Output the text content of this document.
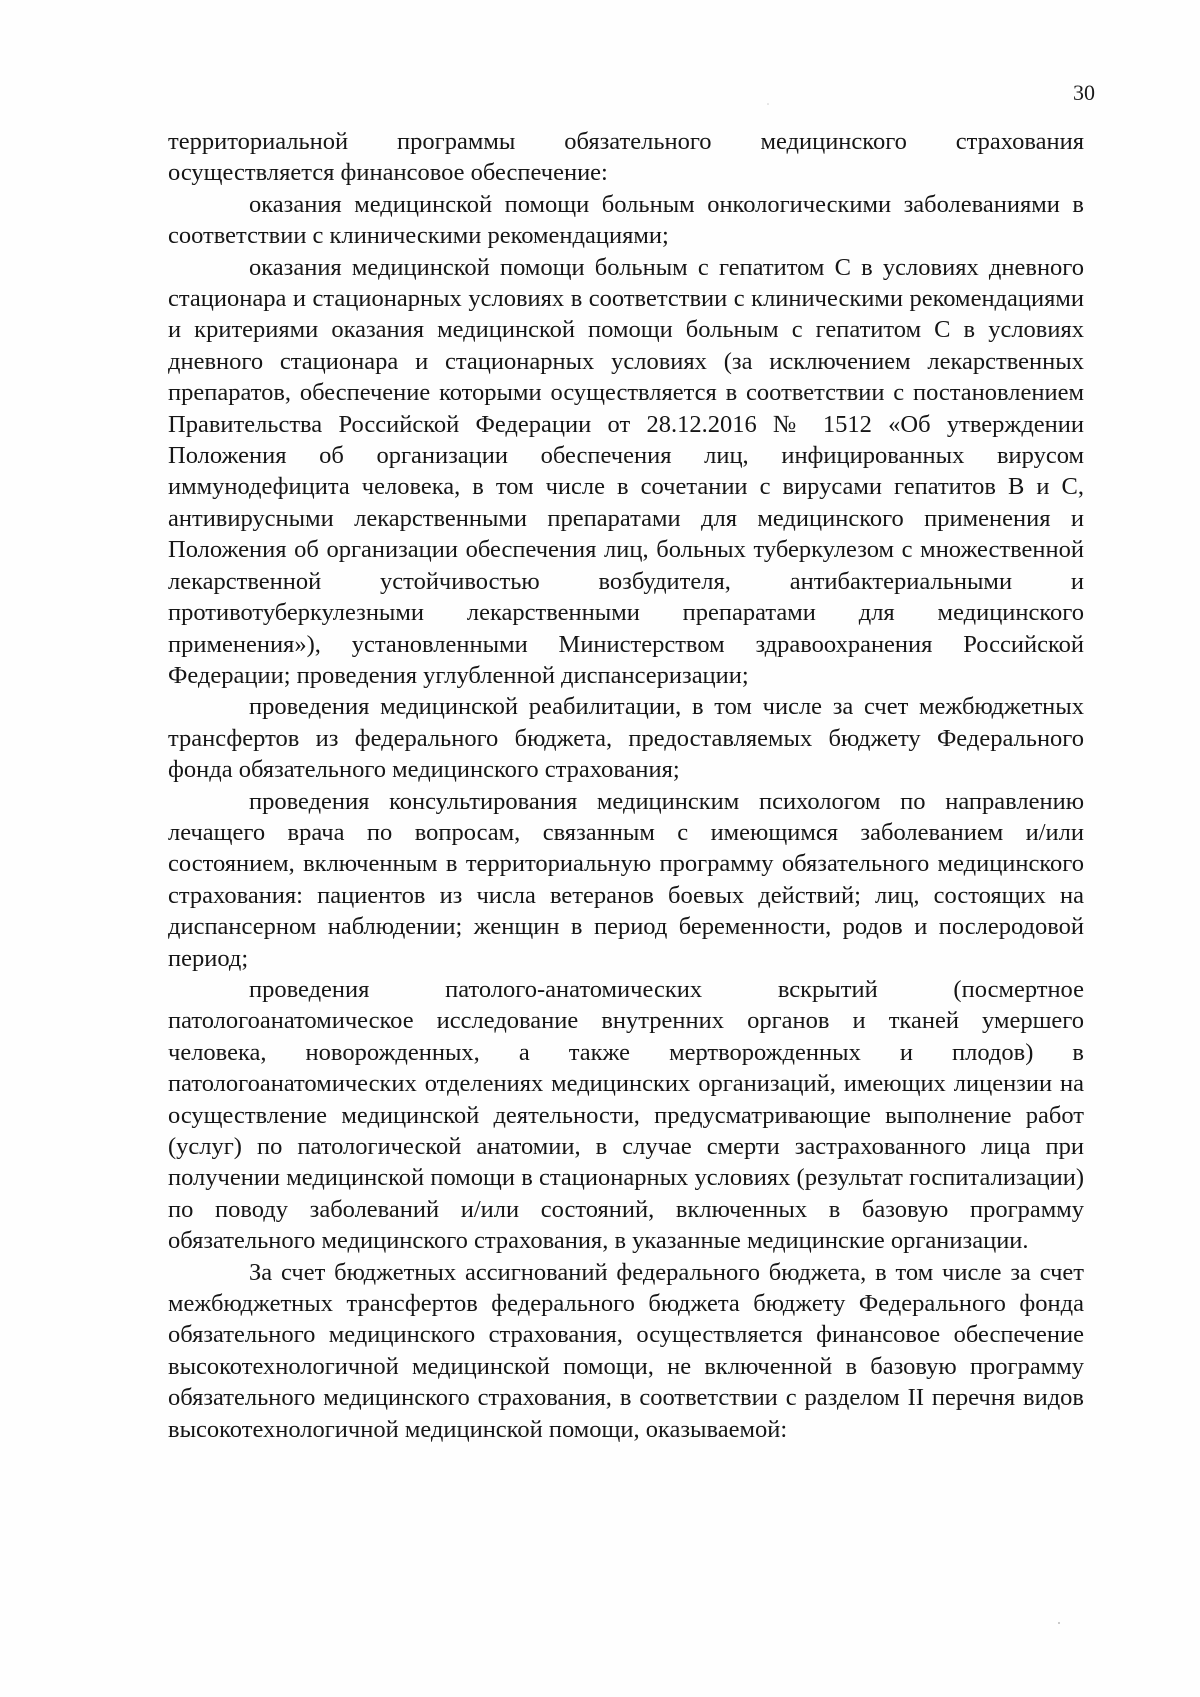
30

территориальной программы обязательного медицинского страхования осуществляется финансовое обеспечение:

оказания медицинской помощи больным онкологическими заболеваниями в соответствии с клиническими рекомендациями;

оказания медицинской помощи больным с гепатитом С в условиях дневного стационара и стационарных условиях в соответствии с клиническими рекомендациями и критериями оказания медицинской помощи больным с гепатитом С в условиях дневного стационара и стационарных условиях (за исключением лекарственных препаратов, обеспечение которыми осуществляется в соответствии с постановлением Правительства Российской Федерации от 28.12.2016 № 1512 «Об утверждении Положения об организации обеспечения лиц, инфицированных вирусом иммунодефицита человека, в том числе в сочетании с вирусами гепатитов В и С, антивирусными лекарственными препаратами для медицинского применения и Положения об организации обеспечения лиц, больных туберкулезом с множественной лекарственной устойчивостью возбудителя, антибактериальными и противотуберкулезными лекарственными препаратами для медицинского применения»), установленными Министерством здравоохранения Российской Федерации; проведения углубленной диспансеризации;

проведения медицинской реабилитации, в том числе за счет межбюджетных трансфертов из федерального бюджета, предоставляемых бюджету Федерального фонда обязательного медицинского страхования;

проведения консультирования медицинским психологом по направлению лечащего врача по вопросам, связанным с имеющимся заболеванием и/или состоянием, включенным в территориальную программу обязательного медицинского страхования: пациентов из числа ветеранов боевых действий; лиц, состоящих на диспансерном наблюдении; женщин в период беременности, родов и послеродовой период;

проведения патолого-анатомических вскрытий (посмертное патологоанатомическое исследование внутренних органов и тканей умершего человека, новорожденных, а также мертворожденных и плодов) в патологоанатомических отделениях медицинских организаций, имеющих лицензии на осуществление медицинской деятельности, предусматривающие выполнение работ (услуг) по патологической анатомии, в случае смерти застрахованного лица при получении медицинской помощи в стационарных условиях (результат госпитализации) по поводу заболеваний и/или состояний, включенных в базовую программу обязательного медицинского страхования, в указанные медицинские организации.

За счет бюджетных ассигнований федерального бюджета, в том числе за счет межбюджетных трансфертов федерального бюджета бюджету Федерального фонда обязательного медицинского страхования, осуществляется финансовое обеспечение высокотехнологичной медицинской помощи, не включенной в базовую программу обязательного медицинского страхования, в соответствии с разделом II перечня видов высокотехнологичной медицинской помощи, оказываемой:
